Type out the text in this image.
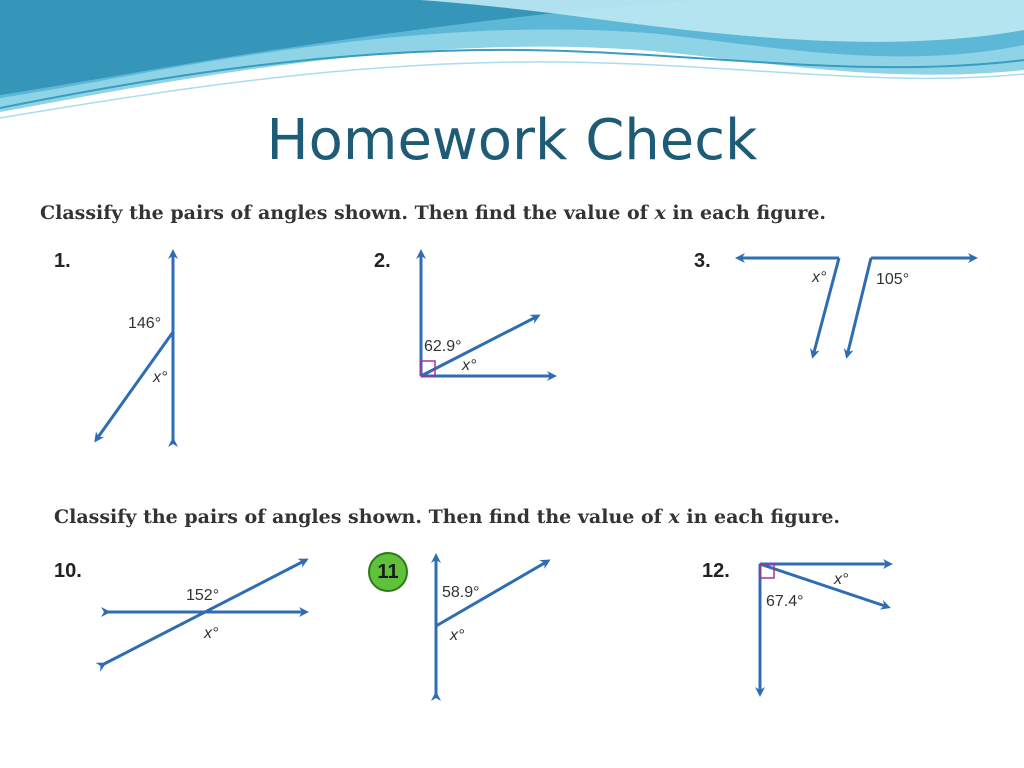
Homework Check
Classify the pairs of angles shown. Then find the value of x in each figure.
1.	2.	3.
146°
x°
62.9°
x°
x°	105°
Classify the pairs of angles shown. Then find the value of x in each figure.
10.	12.
11
152°
x°
58.9°
x°
67.4°
x°
